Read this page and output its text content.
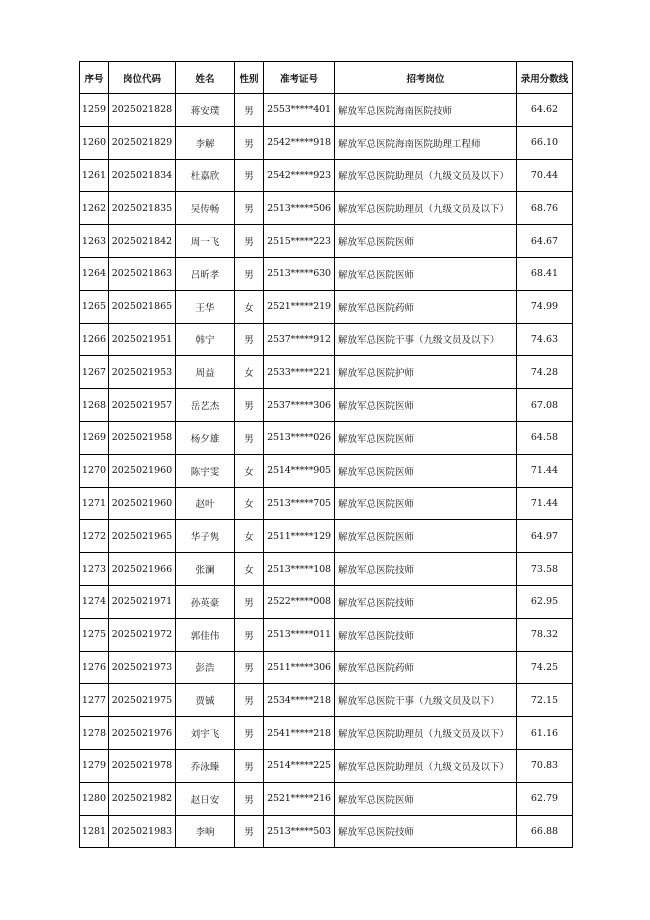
序号	岗位代码	姓名	性别	准考证号	招考岗位	录用分数线
1259	2025021828	蒋安璞	男	2553*****401	解放军总医院海南医院技师	64.62
1260	2025021829	李解	男	2542*****918	解放军总医院海南医院助理工程师	66.10
1261	2025021834	杜嘉欣	男	2542*****923	解放军总医院助理员（九级文员及以下）	70.44
1262	2025021835	吴传畅	男	2513*****506	解放军总医院助理员（九级文员及以下）	68.76
1263	2025021842	周一飞	男	2515*****223	解放军总医院医师	64.67
1264	2025021863	吕昕孝	男	2513*****630	解放军总医院医师	68.41
1265	2025021865	王华	女	2521*****219	解放军总医院药师	74.99
1266	2025021951	韩宁	男	2537*****912	解放军总医院干事（九级文员及以下）	74.63
1267	2025021953	周益	女	2533*****221	解放军总医院护师	74.28
1268	2025021957	岳艺杰	男	2537*****306	解放军总医院医师	67.08
1269	2025021958	杨夕雄	男	2513*****026	解放军总医院医师	64.58
1270	2025021960	陈宇雯	女	2514*****905	解放军总医院医师	71.44
1271	2025021960	赵叶	女	2513*****705	解放军总医院医师	71.44
1272	2025021965	华子隽	女	2511*****129	解放军总医院医师	64.97
1273	2025021966	张澜	女	2513*****108	解放军总医院技师	73.58
1274	2025021971	孙英豪	男	2522*****008	解放军总医院技师	62.95
1275	2025021972	郭佳伟	男	2513*****011	解放军总医院技师	78.32
1276	2025021973	彭浩	男	2511*****306	解放军总医院药师	74.25
1277	2025021975	贾铖	男	2534*****218	解放军总医院干事（九级文员及以下）	72.15
1278	2025021976	刘宇飞	男	2541*****218	解放军总医院助理员（九级文员及以下）	61.16
1279	2025021978	乔泳臻	男	2514*****225	解放军总医院助理员（九级文员及以下）	70.83
1280	2025021982	赵日安	男	2521*****216	解放军总医院医师	62.79
1281	2025021983	李响	男	2513*****503	解放军总医院技师	66.88
